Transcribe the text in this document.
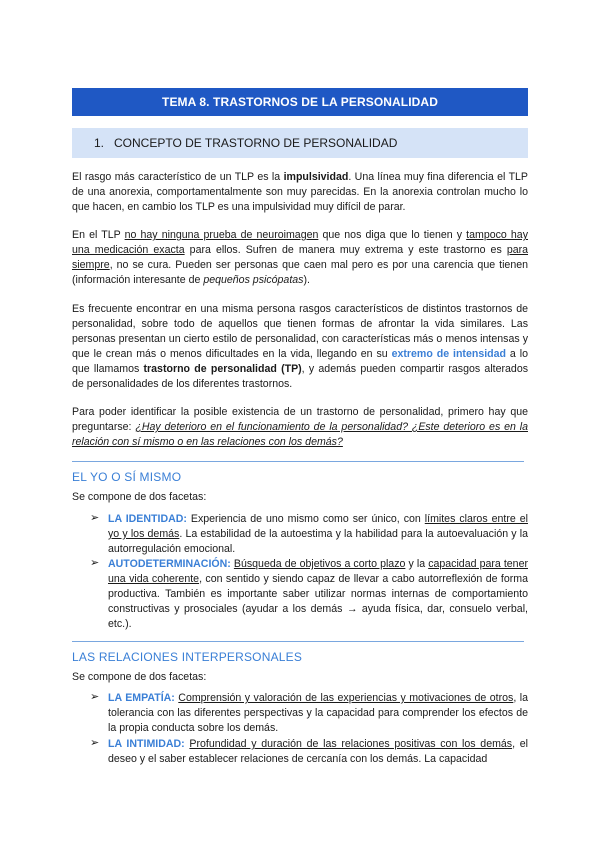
TEMA 8. TRASTORNOS DE LA PERSONALIDAD
1. CONCEPTO DE TRASTORNO DE PERSONALIDAD

El rasgo más característico de un TLP es la impulsividad. Una línea muy fina diferencia el TLP de una anorexia, comportamentalmente son muy parecidas. En la anorexia controlan mucho lo que hacen, en cambio los TLP es una impulsividad muy difícil de parar.

En el TLP no hay ninguna prueba de neuroimagen que nos diga que lo tienen y tampoco hay una medicación exacta para ellos. Sufren de manera muy extrema y este trastorno es para siempre, no se cura. Pueden ser personas que caen mal pero es por una carencia que tienen (información interesante de pequeños psicópatas).

Es frecuente encontrar en una misma persona rasgos característicos de distintos trastornos de personalidad, sobre todo de aquellos que tienen formas de afrontar la vida similares. Las personas presentan un cierto estilo de personalidad, con características más o menos intensas y que le crean más o menos dificultades en la vida, llegando en su extremo de intensidad a lo que llamamos trastorno de personalidad (TP), y además pueden compartir rasgos alterados de personalidades de los diferentes trastornos.

Para poder identificar la posible existencia de un trastorno de personalidad, primero hay que preguntarse: ¿Hay deterioro en el funcionamiento de la personalidad? ¿Este deterioro es en la relación con sí mismo o en las relaciones con los demás?

EL YO O SÍ MISMO

Se compone de dos facetas:

➢ LA IDENTIDAD: Experiencia de uno mismo como ser único, con límites claros entre el yo y los demás. La estabilidad de la autoestima y la habilidad para la autoevaluación y la autorregulación emocional.

➢ AUTODETERMINACIÓN: Búsqueda de objetivos a corto plazo y la capacidad para tener una vida coherente, con sentido y siendo capaz de llevar a cabo autorreflexión de forma productiva. También es importante saber utilizar normas internas de comportamiento constructivas y prosociales (ayudar a los demás → ayuda física, dar, consuelo verbal, etc.).

LAS RELACIONES INTERPERSONALES

Se compone de dos facetas:

➢ LA EMPATÍA: Comprensión y valoración de las experiencias y motivaciones de otros, la tolerancia con las diferentes perspectivas y la capacidad para comprender los efectos de la propia conducta sobre los demás.

➢ LA INTIMIDAD: Profundidad y duración de las relaciones positivas con los demás, el deseo y el saber establecer relaciones de cercanía con los demás. La capacidad
